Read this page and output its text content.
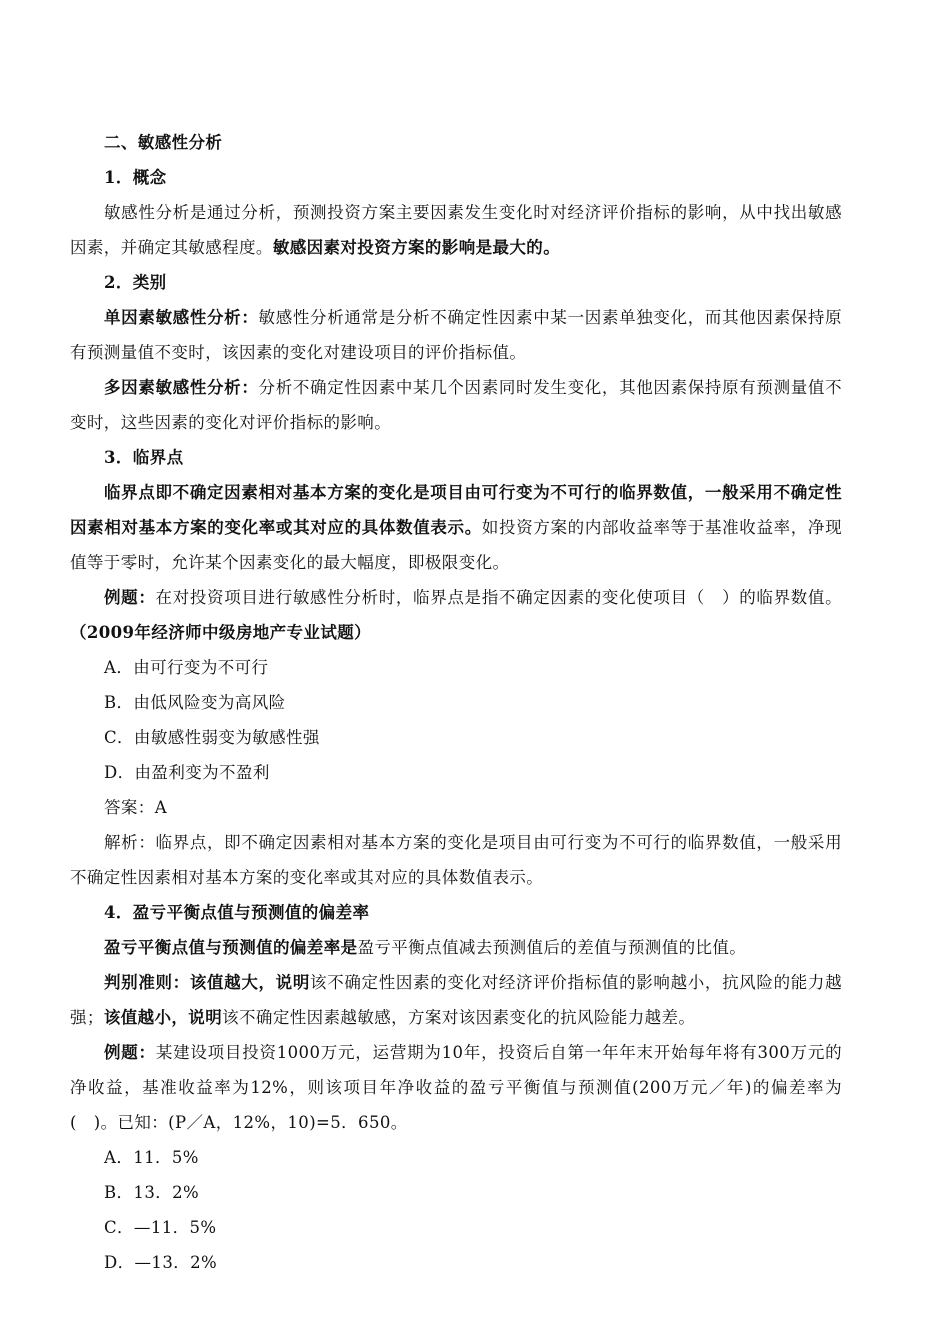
二、敏感性分析

1．概念

敏感性分析是通过分析，预测投资方案主要因素发生变化时对经济评价指标的影响，从中找出敏感因素，并确定其敏感程度。敏感因素对投资方案的影响是最大的。

2．类别

单因素敏感性分析：敏感性分析通常是分析不确定性因素中某一因素单独变化，而其他因素保持原有预测量值不变时，该因素的变化对建设项目的评价指标值。

多因素敏感性分析：分析不确定性因素中某几个因素同时发生变化，其他因素保持原有预测量值不变时，这些因素的变化对评价指标的影响。

3．临界点

临界点即不确定因素相对基本方案的变化是项目由可行变为不可行的临界数值，一般采用不确定性因素相对基本方案的变化率或其对应的具体数值表示。如投资方案的内部收益率等于基准收益率，净现值等于零时，允许某个因素变化的最大幅度，即极限变化。

例题：在对投资项目进行敏感性分析时，临界点是指不确定因素的变化使项目（　）的临界数值。（2009年经济师中级房地产专业试题）

A．由可行变为不可行

B．由低风险变为高风险

C．由敏感性弱变为敏感性强

D．由盈利变为不盈利

答案：A

解析：临界点，即不确定因素相对基本方案的变化是项目由可行变为不可行的临界数值，一般采用不确定性因素相对基本方案的变化率或其对应的具体数值表示。

4．盈亏平衡点值与预测值的偏差率

盈亏平衡点值与预测值的偏差率是盈亏平衡点值减去预测值后的差值与预测值的比值。

判别准则：该值越大，说明该不确定性因素的变化对经济评价指标值的影响越小，抗风险的能力越强；该值越小，说明该不确定性因素越敏感，方案对该因素变化的抗风险能力越差。

例题：某建设项目投资1000万元，运营期为10年，投资后自第一年年末开始每年将有300万元的净收益，基准收益率为12%，则该项目年净收益的盈亏平衡值与预测值(200万元／年)的偏差率为(　)。已知：(P／A，12%，10)=5．650。

A．11．5%

B．13．2%

C．—11．5%

D．—13．2%
